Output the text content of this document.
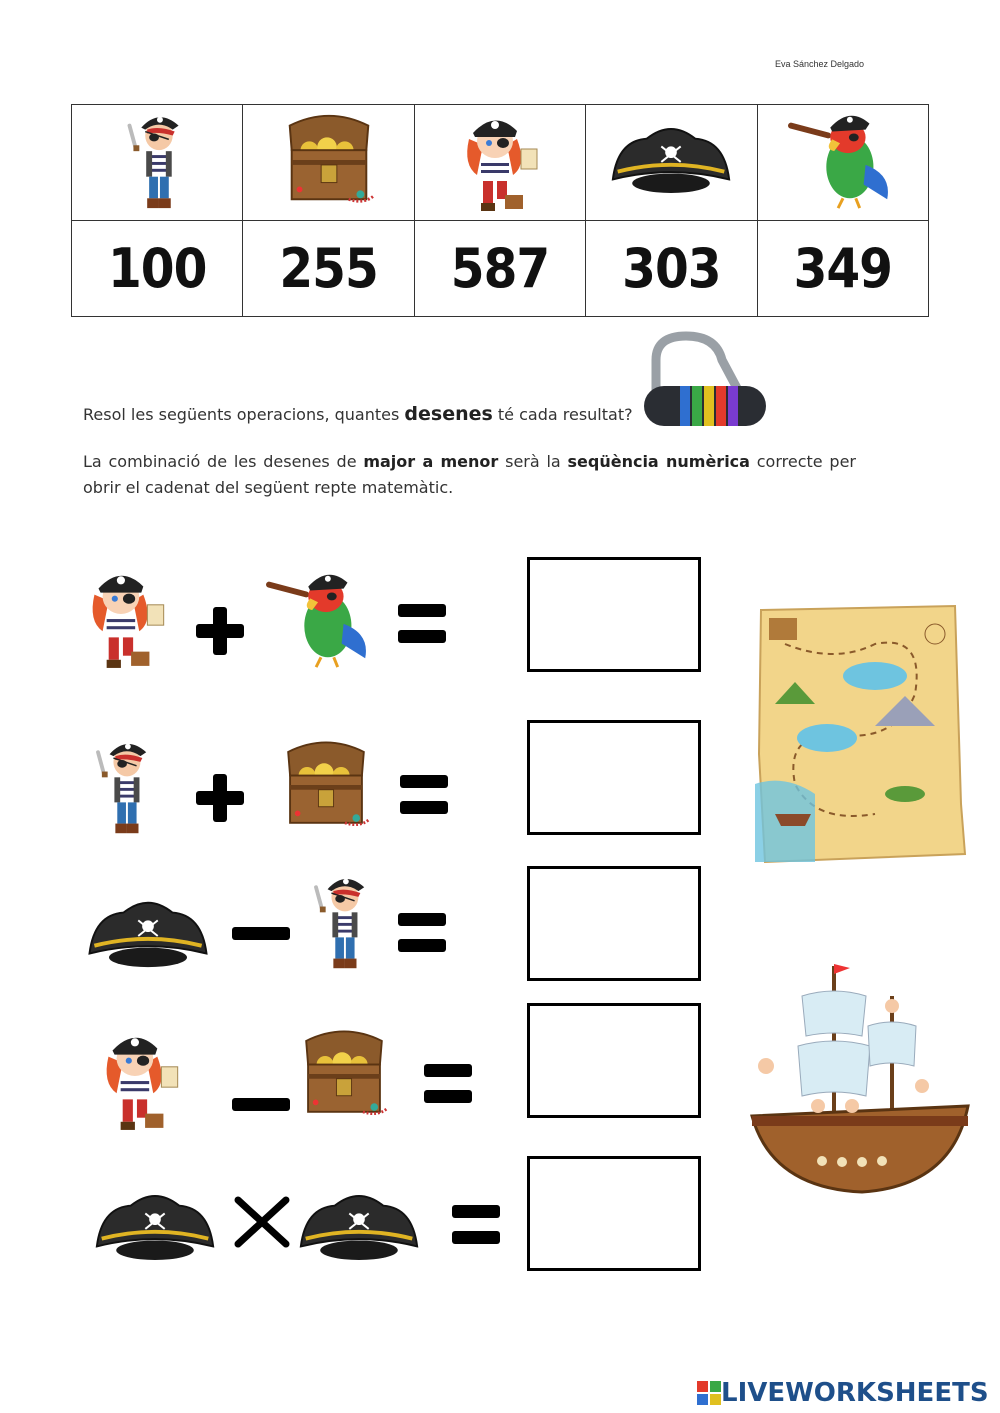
Eva Sánchez Delgado

100	255	587	303	349
Resol les següents operacions, quantes desenes té cada resultat?
La combinació de les desenes de major a menor serà la seqüència numèrica correcte per obrir el cadenat del següent repte matemàtic.
LIVEWORKSHEETS
